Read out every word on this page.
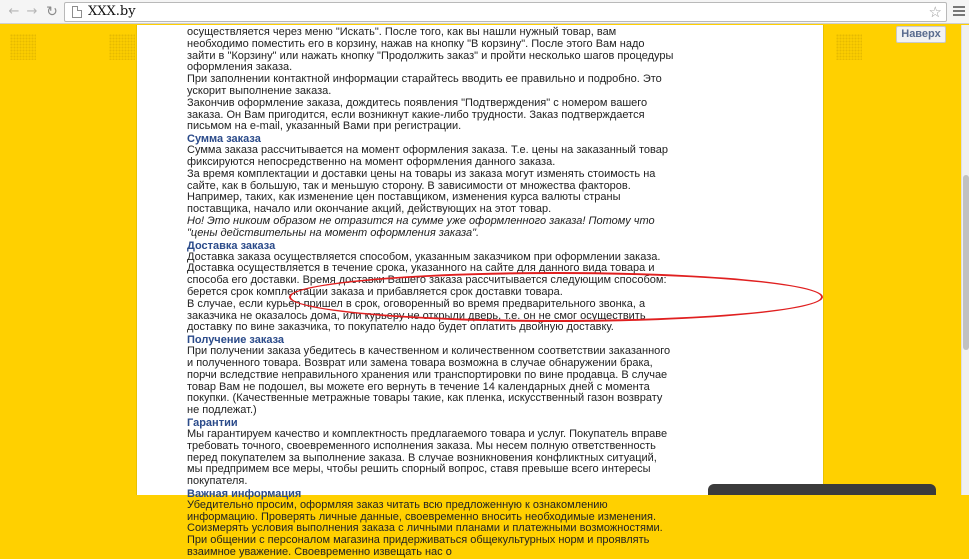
← → ↻ XXX.by	☆

осуществляется через меню "Искать". После того, как вы нашли нужный товар, вам необходимо поместить его в корзину, нажав на кнопку "В корзину". После этого Вам надо зайти в "Корзину" или нажать кнопку "Продолжить заказ" и пройти несколько шагов процедуры оформления заказа.

При заполнении контактной информации старайтесь вводить ее правильно и подробно. Это ускорит выполнение заказа.

Закончив оформление заказа, дождитесь появления "Подтверждения" с номером вашего заказа. Он Вам пригодится, если возникнут какие-либо трудности. Заказ подтверждается письмом на e-mail, указанный Вами при регистрации.

Сумма заказа

Сумма заказа рассчитывается на момент оформления заказа. Т.е. цены на заказанный товар фиксируются непосредственно на момент оформления данного заказа.

За время комплектации и доставки цены на товары из заказа могут изменять стоимость на сайте, как в большую, так и меньшую сторону. В зависимости от множества факторов. Например, таких, как изменение цен поставщиком, изменения курса валюты страны поставщика, начало или окончание акций, действующих на этот товар.

Но! Это никоим образом не отразится на сумме уже оформленного заказа! Потому что "цены действительны на момент оформления заказа".

Доставка заказа

Доставка заказа осуществляется способом, указанным заказчиком при оформлении заказа. Доставка осуществляется в течение срока, указанного на сайте для данного вида товара и способа его доставки. Время доставки Вашего заказа рассчитывается следующим способом: берется срок комплектации заказа и прибавляется срок доставки товара.

В случае, если курьер пришел в срок, оговоренный во время предварительного звонка, а заказчика не оказалось дома, или курьеру не открыли дверь, т.е. он не смог осуществить доставку по вине заказчика, то покупателю надо будет оплатить двойную доставку.

Получение заказа

При получении заказа убедитесь в качественном и количественном соответствии заказанного и полученного товара. Возврат или замена товара возможна в случае обнаружении брака, порчи вследствие неправильного хранения или транспортировки по вине продавца. В случае товар Вам не подошел, вы можете его вернуть в течение 14 календарных дней с момента покупки. (Качественные метражные товары такие, как пленка, искусственный газон возврату не подлежат.)

Гарантии

Мы гарантируем качество и комплектность предлагаемого товара и услуг. Покупатель вправе требовать точного, своевременного исполнения заказа. Мы несем полную ответственность перед покупателем за выполнение заказа. В случае возникновения конфликтных ситуаций, мы предпримем все меры, чтобы решить спорный вопрос, ставя превыше всего интересы покупателя.

Важная информация

Убедительно просим, оформляя заказ читать всю предложенную к ознакомлению информацию. Проверять личные данные, своевременно вносить необходимые изменения. Соизмерять условия выполнения заказа с личными планами и платежными возможностями. При общении с персоналом магазина придерживаться общекультурных норм и проявлять взаимное уважение. Своевременно извещать нас о

Наверх
